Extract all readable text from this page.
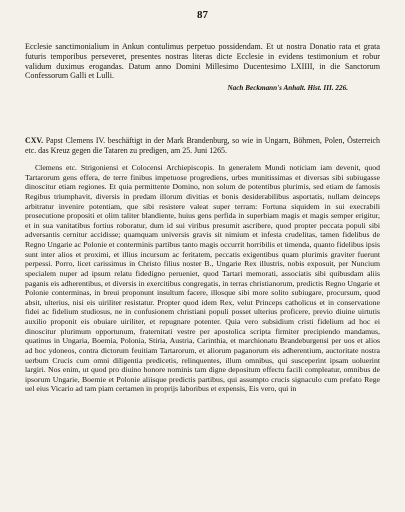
87
Ecclesie sanctimonialium in Ankun contulimus perpetuo possidendam. Et ut nostra Donatio rata et grata futuris temporibus perseveret, presentes nostras literas dicte Ecclesie in evidens testimonium et robur validum duximus erogandas. Datum anno Domini Millesimo Ducentesimo LXIIII, in die Sanctorum Confessorum Galli et Lulli.
Nach Beckmann's Anhalt. Hist. III. 226.
CXV. Papst Clemens IV. beschäftigt in der Mark Brandenburg, so wie in Ungarn, Böhmen, Polen, Österreich etc. das Kreuz gegen die Tataren zu predigen, am 25. Juni 1265.

Clemens etc. Strigoniensi et Colocensi Archiepiscopis. In generalem Mundi noticiam iam devenit, quod Tartarorum gens effera, de terre finibus impetuose progrediens, urbes munitissimas et diversas sibi subiugasse dinoscitur etiam regiones. Et quia permittente Domino, non solum de potentibus plurimis, sed etiam de famosis Regibus triumphavit, diversis in predam illorum divitias et bonis desiderabilibus asportatis, nullam deinceps arbitratur invenire potentiam, que sibi resistere valeat super terram: Fortuna siquidem in sui execrabili prosecutione propositi et olim taliter blandiente, huius gens perfida in superbiam magis et magis semper erigitur, et in sua vanitatibus fortius roboratur, dum id sui viribus presumit ascribere, quod propter peccata populi sibi adversantis cernitur accidisse; quamquam universis gravis sit nimium et infesta crudelitas, tamen fidelibus de Regno Ungarie ac Polonie et conterminis partibus tanto magis occurrit horribilis et timenda, quanto fidelibus ipsis sunt inter alios et proximi, et illius incursum ac feritatem, peccatis exigentibus quam plurimis graviter fuerunt perpessi. Porro, licet carissimus in Christo filius noster B., Ungarie Rex illustris, nobis exposuit, per Nuncium specialem nuper ad ipsum relatu fidedigno perueniet, quod Tartari memorati, associatis sibi quibusdam aliis paganis eis adherentibus, et diversis in exercitibus congregatis, in terras christianorum, predictis Regno Ungarie et Polonie conterminas, in breui proponunt insultum facere, illosque sibi more solito subiugare, procursum, quod absit, ulterius, nisi eis uiriliter resistatur. Propter quod idem Rex, velut Princeps catholicus et in conservatione fidei ac fidelium studiosus, ne in confusionem christiani populi posset ulterius proficere, previo diuine uirtutis auxilio proponit eis obuiare uiriliter, et repugnare potenter. Quia vero subsidium cristi fidelium ad hoc ei dinoscitur plurimum opportunum, fraternitati vestre per apostolica scripta firmiter precipiendo mandamus, quatinus in Ungaria, Boemia, Polonia, Stiria, Austria, Carinthia, et marchionatu Brandeburgensi per uos et alios ad hoc ydoneos, contra dictorum feuitiam Tartarorum, et aliorum paganorum eis adherentium, auctoritate nostra uerbum Crucis cum omni diligentia predicetis, relinquentes, illum omnibus, qui susceperint ipsam uoluerint largiri. Nos enim, ut quod pro diuino honore nominis tam digne depositum effectu facili compleatur, omnibus de ipsorum Ungarie, Boemie et Polonie aliisque predictis partibus, qui assumpto crucis signaculo cum prefato Rege uel eius Vicario ad tam piam certamen in proprijs laboribus et expensis, Eis vero, qui in
